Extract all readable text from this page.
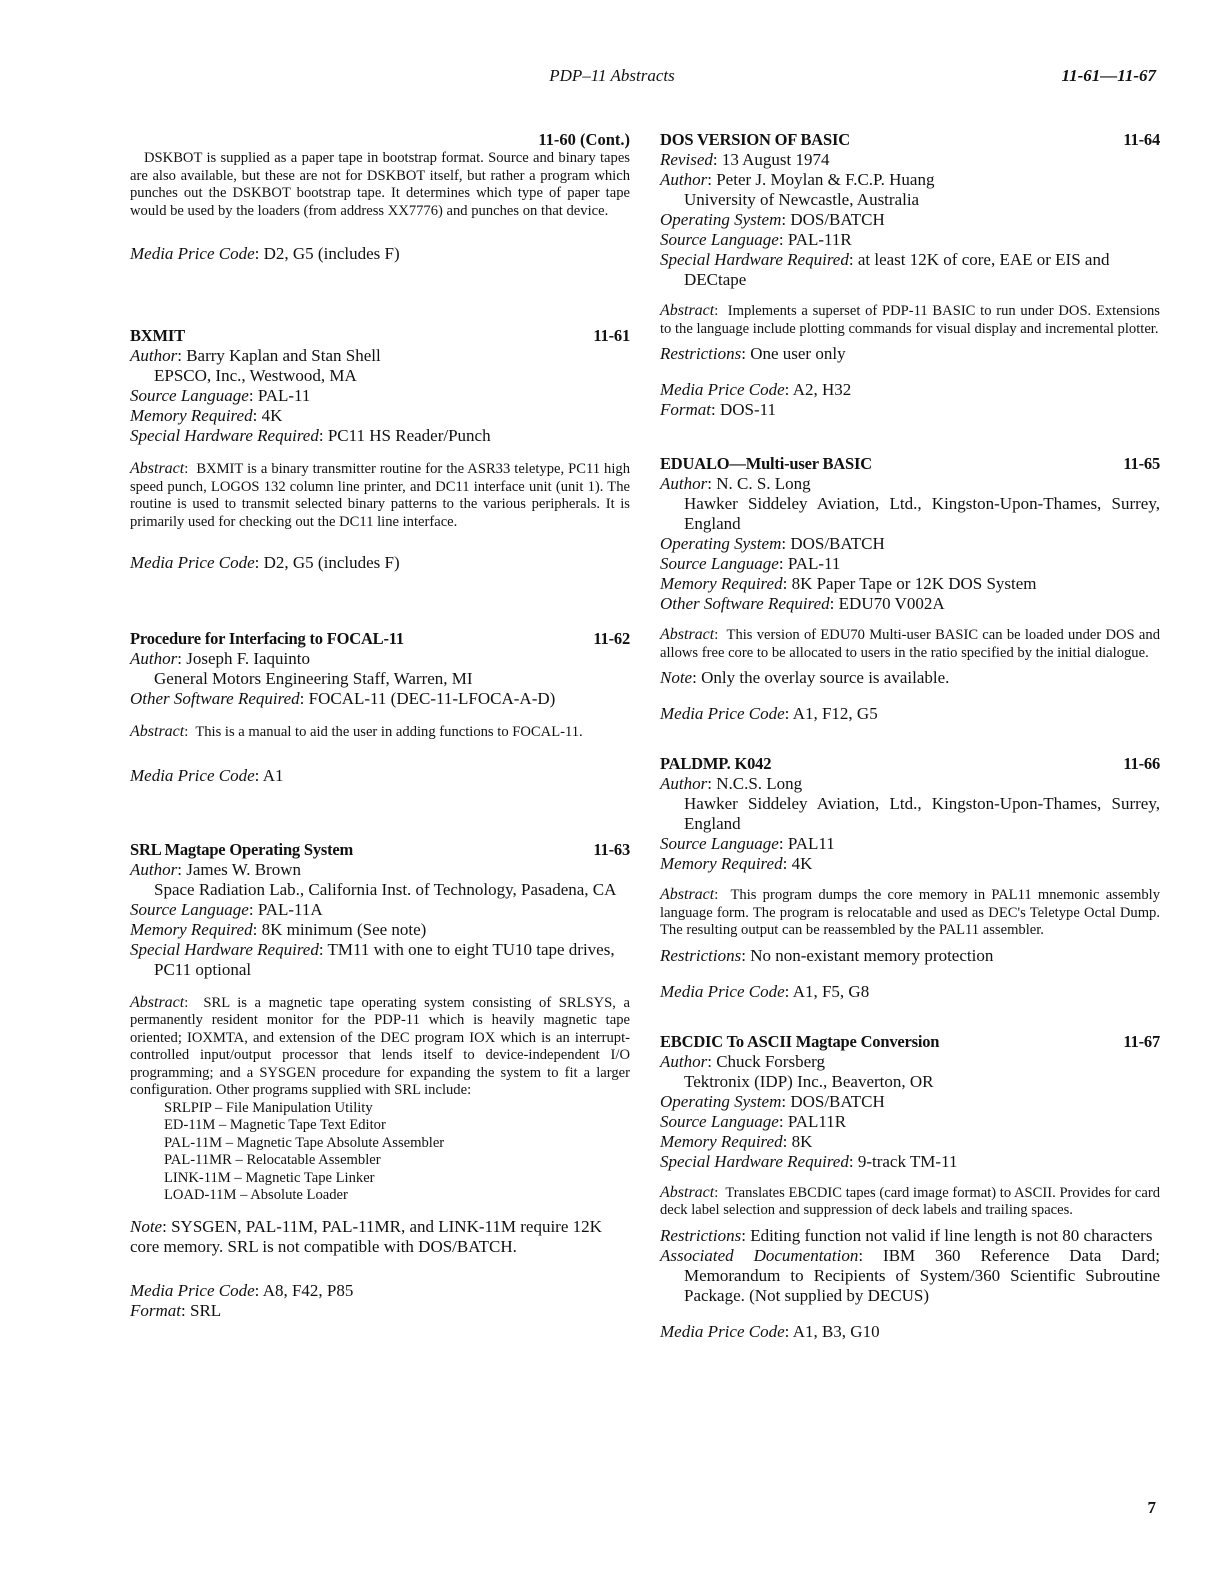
PDP–11 Abstracts	11-61—11-67
11-60 (Cont.)
DSKBOT is supplied as a paper tape in bootstrap format. Source and binary tapes are also available, but these are not for DSKBOT itself, but rather a program which punches out the DSKBOT bootstrap tape. It determines which type of paper tape would be used by the loaders (from address XX7776) and punches on that device.
Media Price Code: D2, G5 (includes F)
BXMIT	11-61
Author: Barry Kaplan and Stan Shell
EPSCO, Inc., Westwood, MA
Source Language: PAL-11
Memory Required: 4K
Special Hardware Required: PC11 HS Reader/Punch
Abstract:  BXMIT is a binary transmitter routine for the ASR33 teletype, PC11 high speed punch, LOGOS 132 column line printer, and DC11 interface unit (unit 1). The routine is used to transmit selected binary patterns to the various peripherals. It is primarily used for checking out the DC11 line interface.
Media Price Code: D2, G5 (includes F)
Procedure for Interfacing to FOCAL-11	11-62
Author: Joseph F. Iaquinto
General Motors Engineering Staff, Warren, MI
Other Software Required: FOCAL-11 (DEC-11-LFOCA-A-D)
Abstract:  This is a manual to aid the user in adding functions to FOCAL-11.
Media Price Code: A1
SRL Magtape Operating System	11-63
Author: James W. Brown
Space Radiation Lab., California Inst. of Technology, Pasadena, CA
Source Language: PAL-11A
Memory Required: 8K minimum (See note)
Special Hardware Required: TM11 with one to eight TU10 tape drives, PC11 optional
Abstract:  SRL is a magnetic tape operating system consisting of SRLSYS, a permanently resident monitor for the PDP-11 which is heavily magnetic tape oriented; IOXMTA, and extension of the DEC program IOX which is an interrupt-controlled input/output processor that lends itself to device-independent I/O programming; and a SYSGEN procedure for expanding the system to fit a larger configuration. Other programs supplied with SRL include:
SRLPIP – File Manipulation Utility
ED-11M – Magnetic Tape Text Editor
PAL-11M – Magnetic Tape Absolute Assembler
PAL-11MR – Relocatable Assembler
LINK-11M – Magnetic Tape Linker
LOAD-11M – Absolute Loader
Note: SYSGEN, PAL-11M, PAL-11MR, and LINK-11M require 12K core memory. SRL is not compatible with DOS/BATCH.
Media Price Code: A8, F42, P85
Format: SRL
DOS VERSION OF BASIC	11-64
Revised: 13 August 1974
Author: Peter J. Moylan & F.C.P. Huang
University of Newcastle, Australia
Operating System: DOS/BATCH
Source Language: PAL-11R
Special Hardware Required: at least 12K of core, EAE or EIS and DECtape
Abstract:  Implements a superset of PDP-11 BASIC to run under DOS. Extensions to the language include plotting commands for visual display and incremental plotter.
Restrictions: One user only
Media Price Code: A2, H32
Format: DOS-11
EDUALO—Multi-user BASIC	11-65
Author: N. C. S. Long
Hawker Siddeley Aviation, Ltd., Kingston-Upon-Thames, Surrey, England
Operating System: DOS/BATCH
Source Language: PAL-11
Memory Required: 8K Paper Tape or 12K DOS System
Other Software Required: EDU70 V002A
Abstract:  This version of EDU70 Multi-user BASIC can be loaded under DOS and allows free core to be allocated to users in the ratio specified by the initial dialogue.
Note: Only the overlay source is available.
Media Price Code: A1, F12, G5
PALDMP. K042	11-66
Author: N.C.S. Long
Hawker Siddeley Aviation, Ltd., Kingston-Upon-Thames, Surrey, England
Source Language: PAL11
Memory Required: 4K
Abstract:  This program dumps the core memory in PAL11 mnemonic assembly language form. The program is relocatable and used as DEC's Teletype Octal Dump. The resulting output can be reassembled by the PAL11 assembler.
Restrictions: No non-existant memory protection
Media Price Code: A1, F5, G8
EBCDIC To ASCII Magtape Conversion	11-67
Author: Chuck Forsberg
Tektronix (IDP) Inc., Beaverton, OR
Operating System: DOS/BATCH
Source Language: PAL11R
Memory Required: 8K
Special Hardware Required: 9-track TM-11
Abstract:  Translates EBCDIC tapes (card image format) to ASCII. Provides for card deck label selection and suppression of deck labels and trailing spaces.
Restrictions: Editing function not valid if line length is not 80 characters
Associated Documentation: IBM 360 Reference Data Dard; Memorandum to Recipients of System/360 Scientific Subroutine Package. (Not supplied by DECUS)
Media Price Code: A1, B3, G10
7
